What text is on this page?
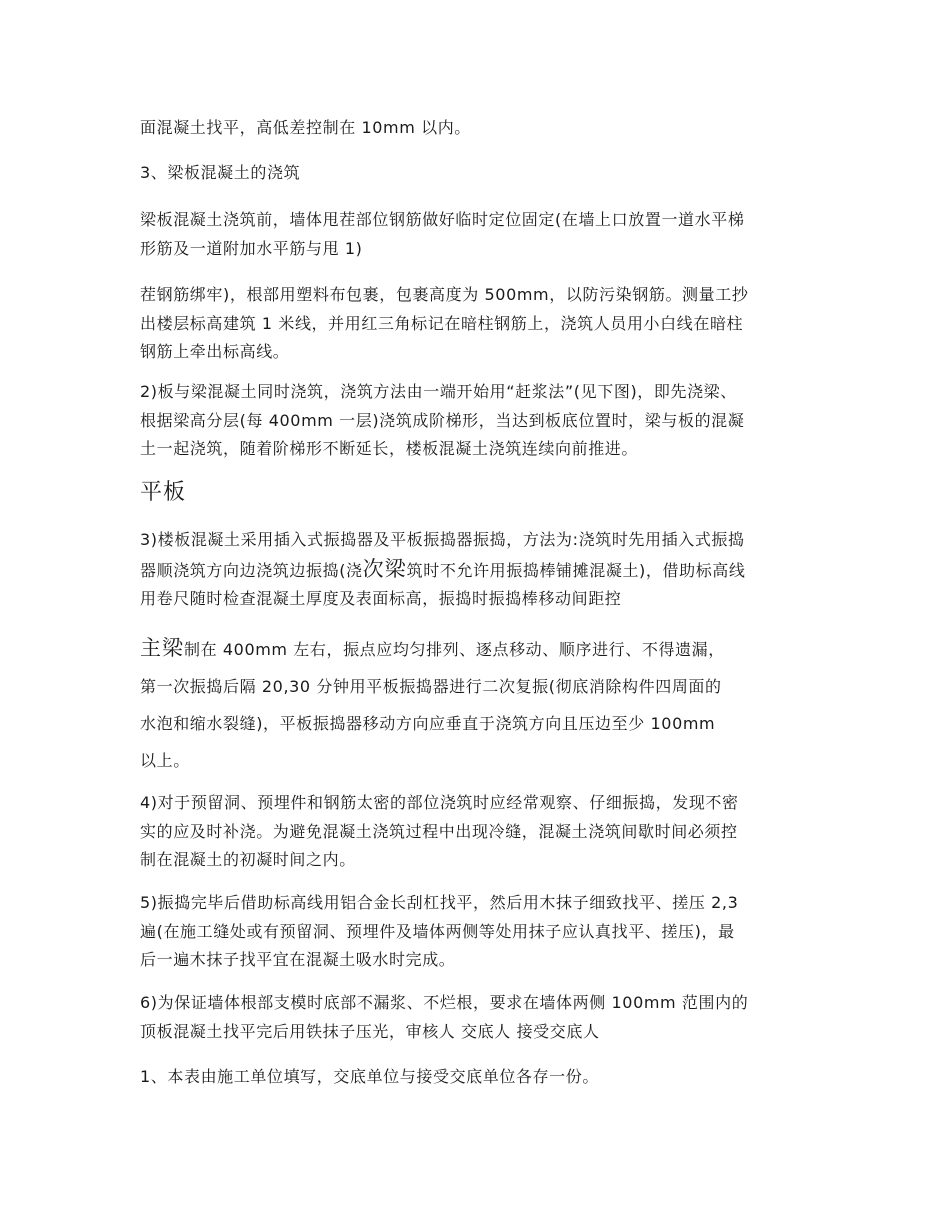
面混凝土找平，高低差控制在 10mm 以内。

3、梁板混凝土的浇筑

梁板混凝土浇筑前，墙体甩茬部位钢筋做好临时定位固定(在墙上口放置一道水平梯
形筋及一道附加水平筋与甩 1)

茬钢筋绑牢)，根部用塑料布包裹，包裹高度为 500mm，以防污染钢筋。测量工抄
出楼层标高建筑 1 米线，并用红三角标记在暗柱钢筋上，浇筑人员用小白线在暗柱
钢筋上牵出标高线。

2)板与梁混凝土同时浇筑，浇筑方法由一端开始用“赶浆法”(见下图)，即先浇梁、
根据梁高分层(每 400mm 一层)浇筑成阶梯形，当达到板底位置时，梁与板的混凝
土一起浇筑，随着阶梯形不断延长，楼板混凝土浇筑连续向前推进。

平板

3)楼板混凝土采用插入式振捣器及平板振捣器振捣，方法为:浇筑时先用插入式振捣
器顺浇筑方向边浇筑边振捣(浇次梁筑时不允许用振捣棒铺摊混凝土)，借助标高线
用卷尺随时检查混凝土厚度及表面标高，振捣时振捣棒移动间距控

主梁制在 400mm 左右，振点应均匀排列、逐点移动、顺序进行、不得遗漏，
第一次振捣后隔 20,30 分钟用平板振捣器进行二次复振(彻底消除构件四周面的
水泡和缩水裂缝)，平板振捣器移动方向应垂直于浇筑方向且压边至少 100mm
以上。

4)对于预留洞、预埋件和钢筋太密的部位浇筑时应经常观察、仔细振捣，发现不密
实的应及时补浇。为避免混凝土浇筑过程中出现冷缝，混凝土浇筑间歇时间必须控
制在混凝土的初凝时间之内。

5)振捣完毕后借助标高线用铝合金长刮杠找平，然后用木抹子细致找平、搓压 2,3
遍(在施工缝处或有预留洞、预埋件及墙体两侧等处用抹子应认真找平、搓压)，最
后一遍木抹子找平宜在混凝土吸水时完成。

6)为保证墙体根部支模时底部不漏浆、不烂根，要求在墙体两侧 100mm 范围内的
顶板混凝土找平完后用铁抹子压光，审核人 交底人 接受交底人

1、本表由施工单位填写，交底单位与接受交底单位各存一份。
